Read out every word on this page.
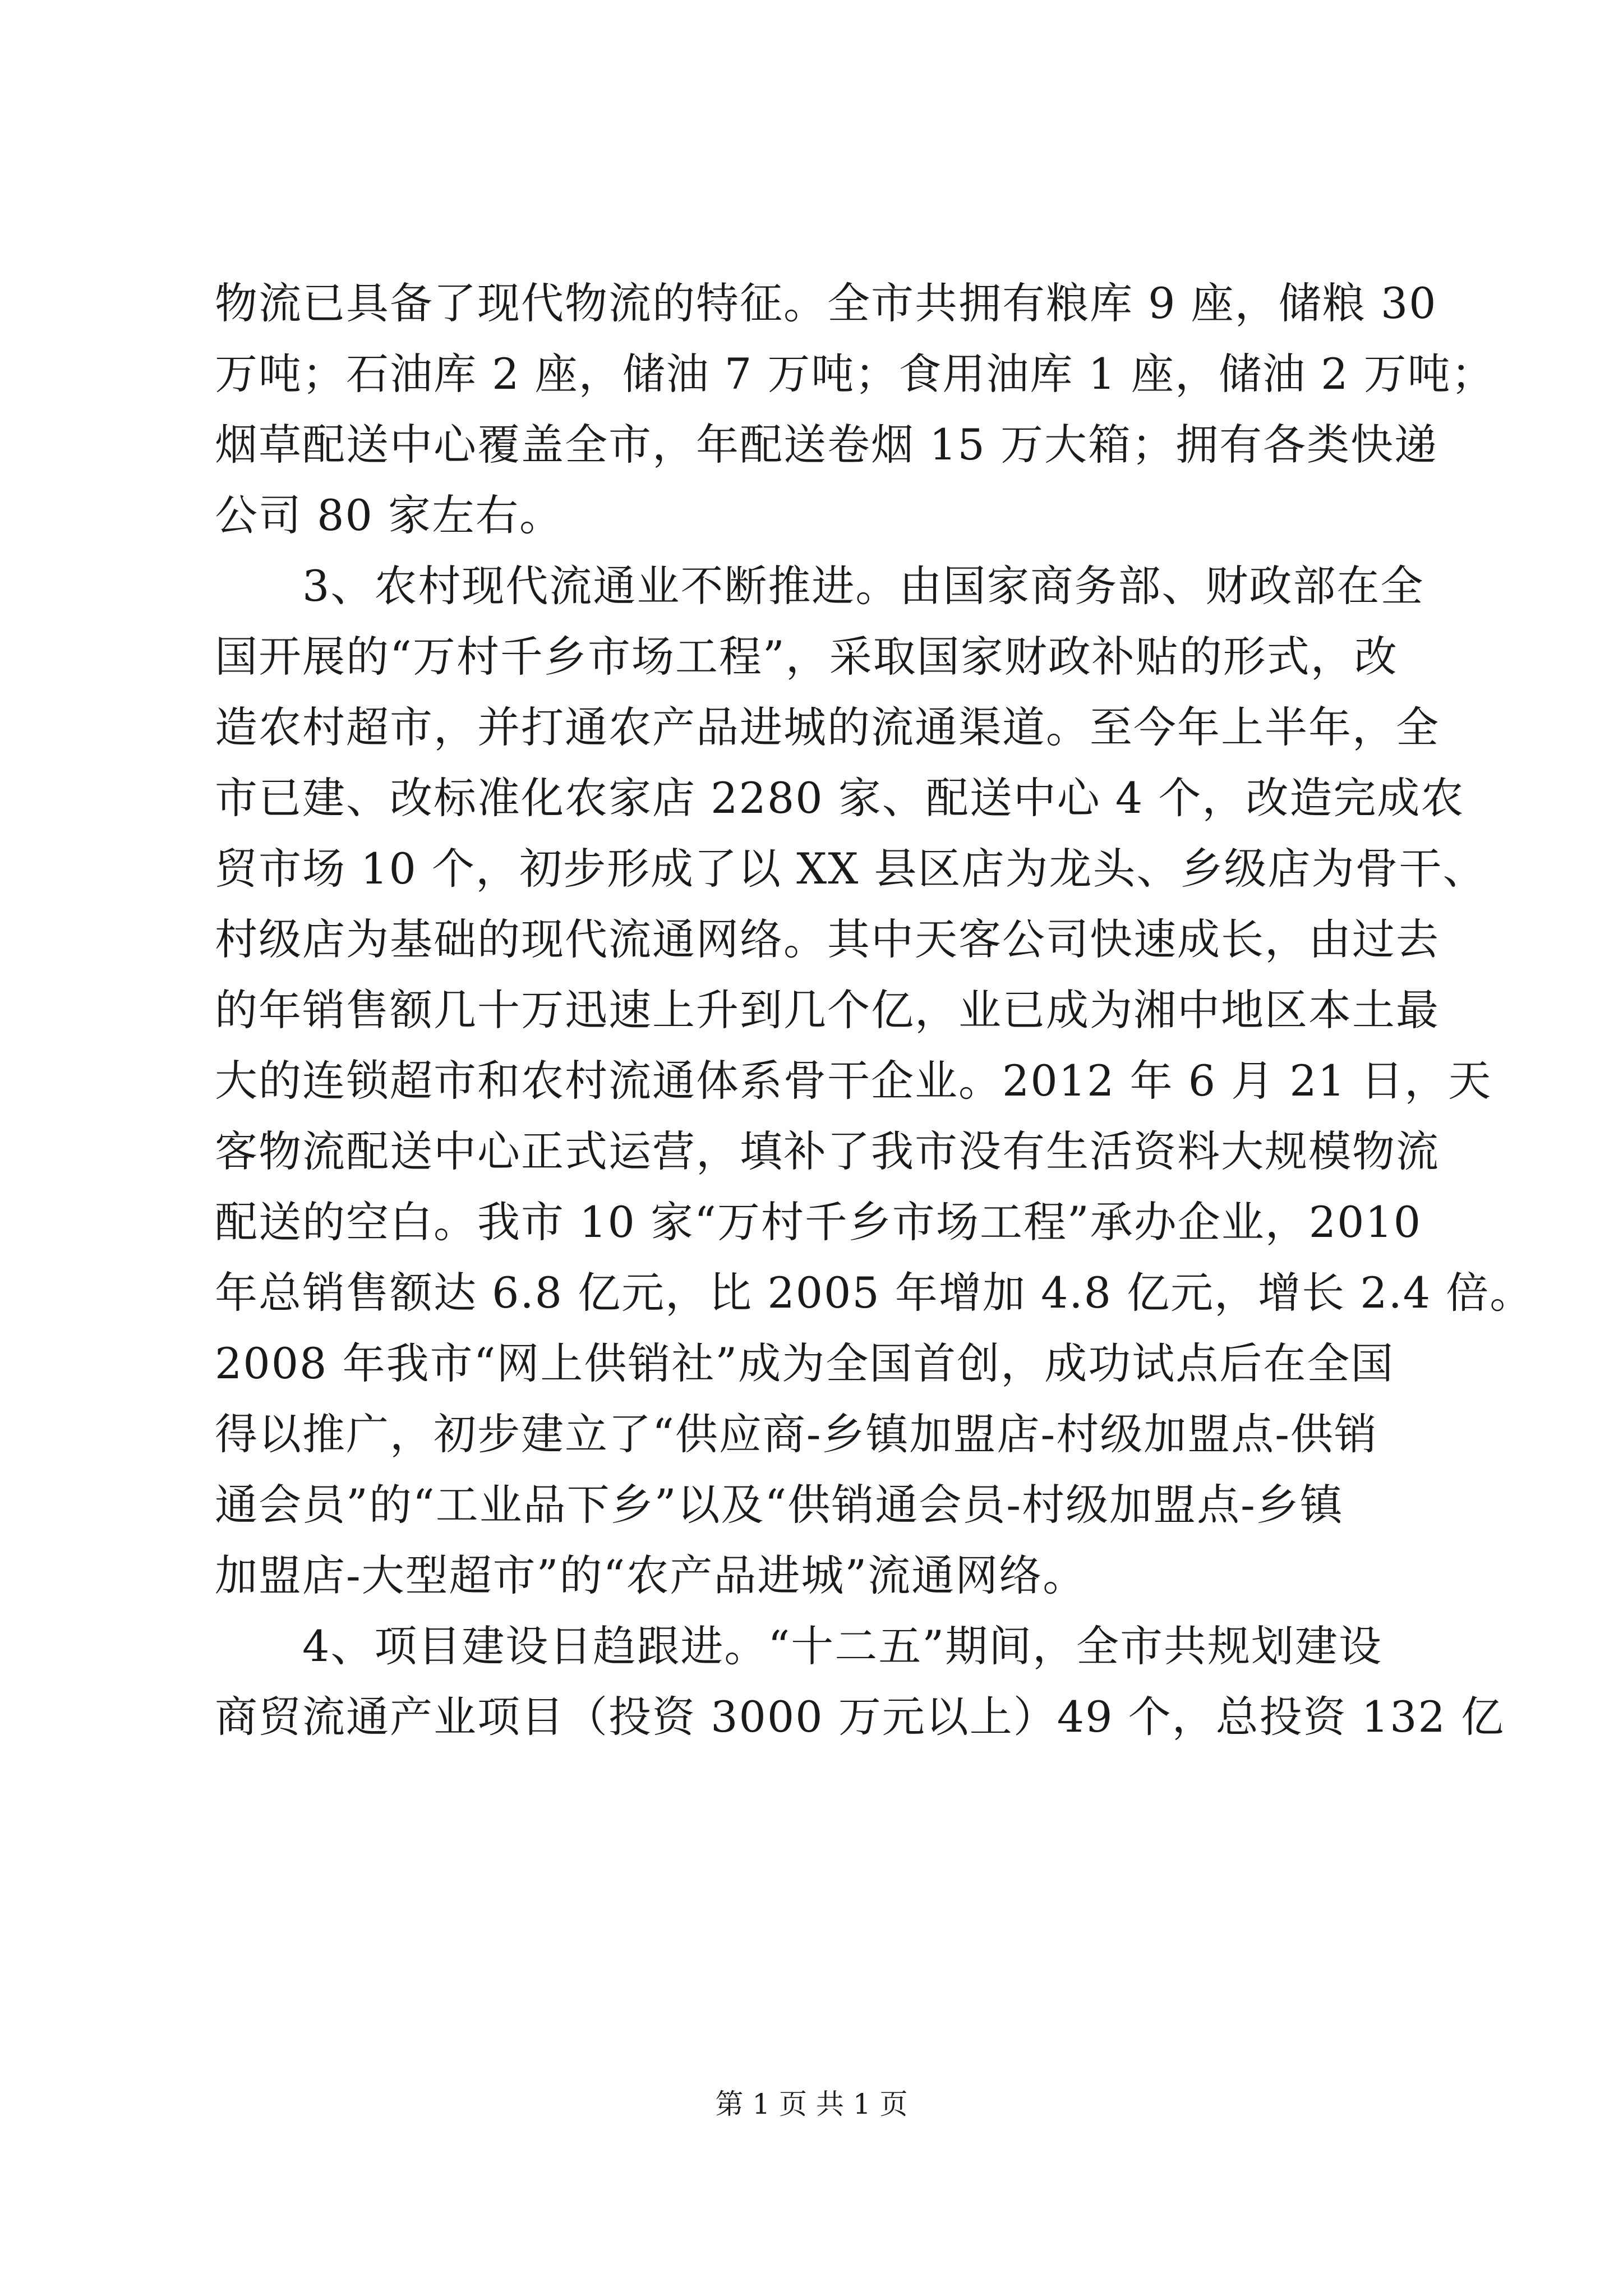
物流已具备了现代物流的特征。全市共拥有粮库 9 座，储粮 30
万吨；石油库 2 座，储油 7 万吨；食用油库 1 座，储油 2 万吨；
烟草配送中心覆盖全市，年配送卷烟 15 万大箱；拥有各类快递
公司 80 家左右。
　　3、农村现代流通业不断推进。由国家商务部、财政部在全
国开展的“万村千乡市场工程”，采取国家财政补贴的形式，改
造农村超市，并打通农产品进城的流通渠道。至今年上半年，全
市已建、改标准化农家店 2280 家、配送中心 4 个，改造完成农
贸市场 10 个，初步形成了以 XX 县区店为龙头、乡级店为骨干、
村级店为基础的现代流通网络。其中天客公司快速成长，由过去
的年销售额几十万迅速上升到几个亿，业已成为湘中地区本土最
大的连锁超市和农村流通体系骨干企业。2012 年 6 月 21 日，天
客物流配送中心正式运营，填补了我市没有生活资料大规模物流
配送的空白。我市 10 家“万村千乡市场工程”承办企业，2010
年总销售额达 6.8 亿元，比 2005 年增加 4.8 亿元，增长 2.4 倍。
2008 年我市“网上供销社”成为全国首创，成功试点后在全国
得以推广，初步建立了“供应商-乡镇加盟店-村级加盟点-供销
通会员”的“工业品下乡”以及“供销通会员-村级加盟点-乡镇
加盟店-大型超市”的“农产品进城”流通网络。
　　4、项目建设日趋跟进。“十二五”期间，全市共规划建设
商贸流通产业项目（投资 3000 万元以上）49 个，总投资 132 亿
第 1 页 共 1 页
